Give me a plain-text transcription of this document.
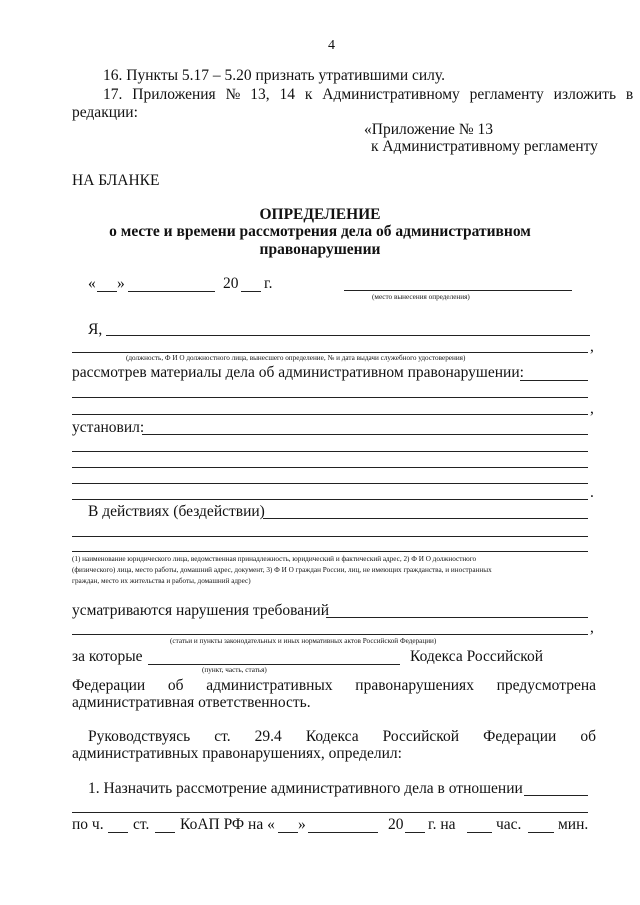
4
16. Пункты 5.17 – 5.20 признать утратившими силу.
17. Приложения № 13, 14 к Административному регламенту изложить в
редакции:
«Приложение № 13
к Административному регламенту
НА БЛАНКЕ
ОПРЕДЕЛЕНИЕ
о месте и времени рассмотрения дела об административном
правонарушении
« »	20 г.
(место вынесения определения)
Я,
,
(должность, Ф И О должностного лица, вынесшего определение, № и дата выдачи служебного удостоверения)
рассмотрев материалы дела об административном правонарушении:
,
установил:
.
В действиях (бездействии)
(1) наименование юридического лица, ведомственная принадлежность, юридический и фактический адрес, 2) Ф И О должностного
(физического) лица, место работы, домашний адрес, документ, 3) Ф И О граждан России, лиц, не имеющих гражданства, и иностранных
граждан, место их жительства и работы, домашний адрес)
усматриваются нарушения требований
,
(статьи и пункты законодательных и иных нормативных актов Российской Федерации)
за которые	Кодекса Российской
(пункт, часть, статья)
Федерации об административных правонарушениях предусмотрена
административная ответственность.
Руководствуясь ст. 29.4 Кодекса Российской Федерации об
административных правонарушениях, определил:
1. Назначить рассмотрение административного дела в отношении
по ч. ст. КоАП РФ на « »	20 г. на	час. мин.
